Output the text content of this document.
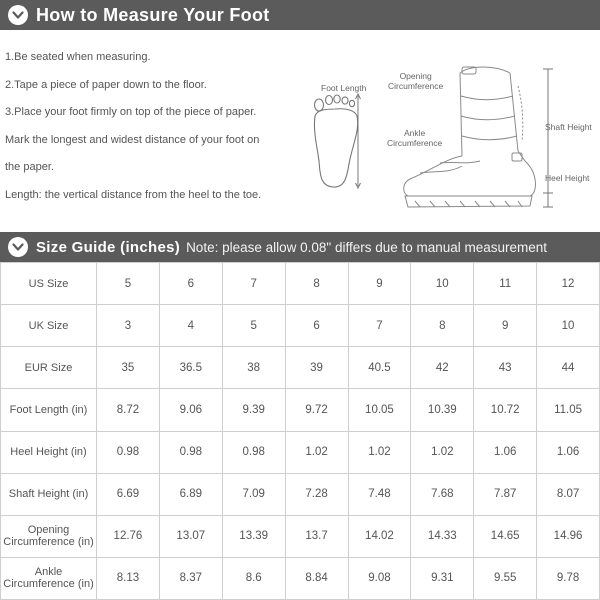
How to Measure Your Foot

1.Be seated when measuring.

2.Tape a piece of paper down to the floor.

3.Place your foot firmly on top of the piece of paper.

Mark the longest and widest distance of your foot on

the paper.

Length: the vertical distance from the heel to the toe.

Foot Length
Opening
Circumference
Ankle
Circumference
Shaft Height
Heel Height
Size Guide (inches) Note: please allow 0.08" differs due to manual measurement
US Size	5	6	7	8	9	10	11	12
UK Size	3	4	5	6	7	8	9	10
EUR Size	35	36.5	38	39	40.5	42	43	44
Foot Length (in)	8.72	9.06	9.39	9.72	10.05	10.39	10.72	11.05
Heel Height (in)	0.98	0.98	0.98	1.02	1.02	1.02	1.06	1.06
Shaft Height (in)	6.69	6.89	7.09	7.28	7.48	7.68	7.87	8.07
Opening
Circumference (in)	12.76	13.07	13.39	13.7	14.02	14.33	14.65	14.96
Ankle
Circumference (in)	8.13	8.37	8.6	8.84	9.08	9.31	9.55	9.78
